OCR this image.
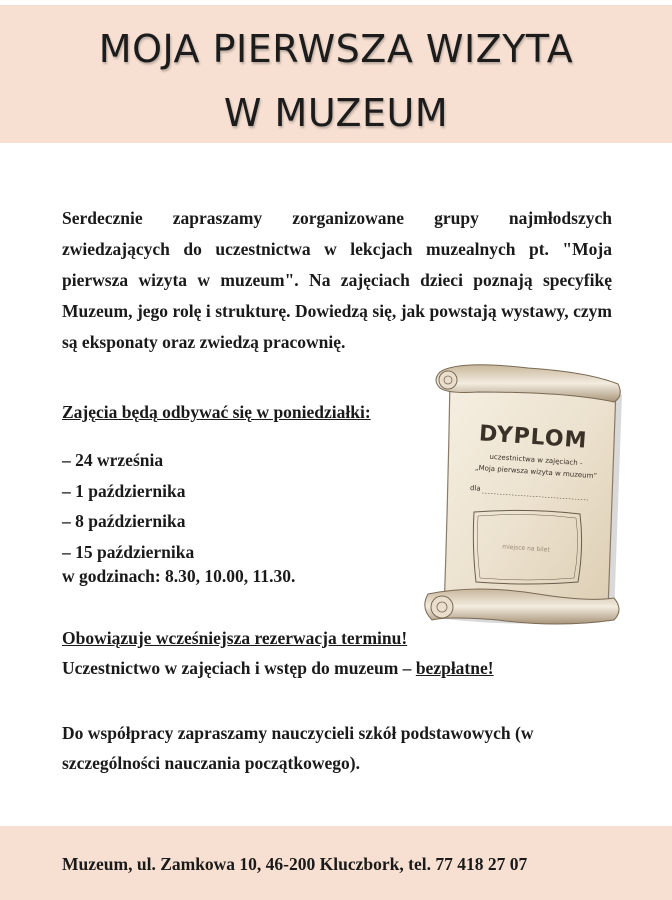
MOJA PIERWSZA WIZYTA
W MUZEUM

Serdecznie zapraszamy zorganizowane grupy najmłodszych zwiedzających do uczestnictwa w lekcjach muzealnych pt. "Moja pierwsza wizyta w muzeum". Na zajęciach dzieci poznają specyfikę Muzeum, jego rolę i strukturę. Dowiedzą się, jak powstają wystawy, czym są eksponaty oraz zwiedzą pracownię.

Zajęcia będą odbywać się w poniedziałki:

– 24 września
– 1 października
– 8 października
– 15 października

w godzinach: 8.30, 10.00, 11.30.

Obowiązuje wcześniejsza rezerwacja terminu!

Uczestnictwo w zajęciach i wstęp do muzeum – bezpłatne!

Do współpracy zapraszamy nauczycieli szkół podstawowych (w szczególności nauczania początkowego).

DYPLOM
uczestnictwa w zajęciach -
„Moja pierwsza wizyta w muzeum”
dla
miejsce na bilet

Muzeum, ul. Zamkowa 10, 46-200 Kluczbork, tel. 77 418 27 07
